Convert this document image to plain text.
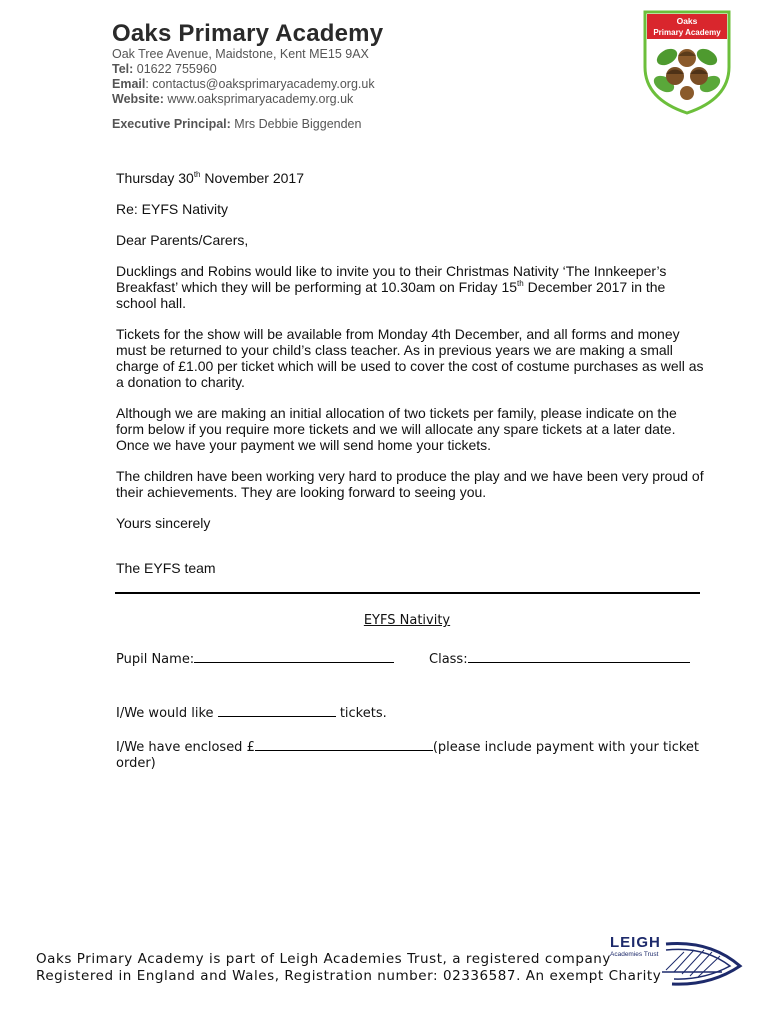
Oaks Primary Academy
Oak Tree Avenue, Maidstone, Kent ME15 9AX
Tel: 01622 755960
Email: contactus@oaksprimaryacademy.org.uk
Website: www.oaksprimaryacademy.org.uk
Executive Principal: Mrs Debbie Biggenden
Oaks
Primary Academy

Thursday 30th November 2017

Re: EYFS Nativity

Dear Parents/Carers,

Ducklings and Robins would like to invite you to their Christmas Nativity ‘The Innkeeper’s Breakfast’ which they will be performing at 10.30am on Friday 15th December 2017 in the school hall.

Tickets for the show will be available from Monday 4th December, and all forms and money must be returned to your child’s class teacher. As in previous years we are making a small charge of £1.00 per ticket which will be used to cover the cost of costume purchases as well as a donation to charity.

Although we are making an initial allocation of two tickets per family, please indicate on the form below if you require more tickets and we will allocate any spare tickets at a later date. Once we have your payment we will send home your tickets.

The children have been working very hard to produce the play and we have been very proud of their achievements. They are looking forward to seeing you.

Yours sincerely

The EYFS team

EYFS Nativity
Pupil Name:	Class:
I/We would like	tickets.
I/We have enclosed £	(please include payment with your ticket
order)
Oaks Primary Academy is part of Leigh Academies Trust, a registered company
Registered in England and Wales, Registration number: 02336587. An exempt Charity
LEIGH
Academies Trust
